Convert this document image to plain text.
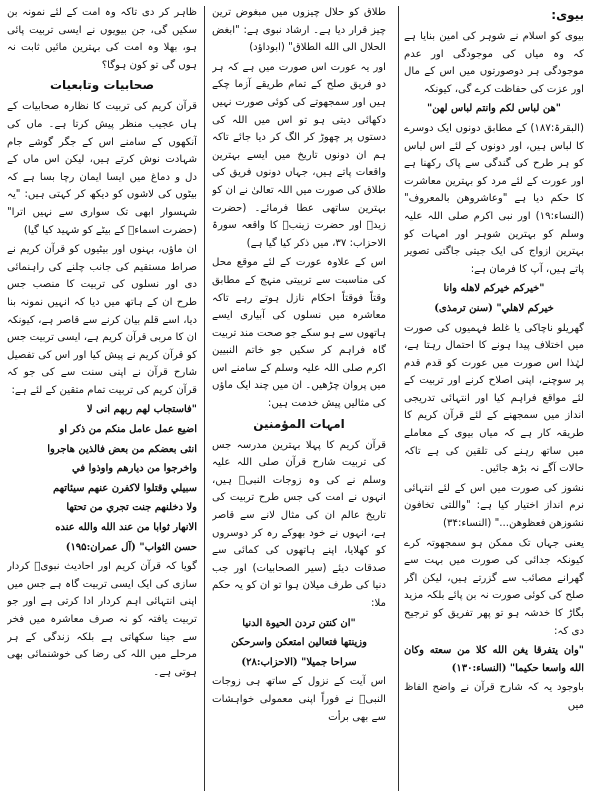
بیوی:
بیوی کو اسلام نے شوہر کی امین بنایا ہے کہ وہ میاں کی موجودگی اور عدم موجودگی ہر دوصورتوں میں اس کے مال اور عزت کی حفاظت کرے گی، کیونکہ
"هن لباس لكم وانتم لباس لهن"
(البقرۃ:۱۸۷) کے مطابق دونوں ایک دوسرے کا لباس ہیں، اور دونوں کے لئے اس لباس کو ہر طرح کی گندگی سے پاک رکھنا ہے اور عورت کے لئے مرد کو بہترین معاشرت کا حکم دیا ہے "وعاشروهن بالمعروف" (النساء:۱۹) اور نبی اکرم صلی اللہ علیہ وسلم کو بہترین شوہر اور امہات کو بہترین ازواج کی ایک جیتی جاگتی تصویر پاتے ہیں، آپ کا فرمان ہے:
"خيركم خيركم لاهله وانا
خيركم لاهلي" (سنن ترمذی)
گھریلو ناچاکی یا غلط فہمیوں کی صورت میں اختلاف پیدا ہونے کا احتمال رہتا ہے، لہٰذا اس صورت میں عورت کو قدم قدم پر سوچنے، اپنی اصلاح کرنے اور تربیت کے لئے مواقع فراہم کیا اور انتہائی تدریجی انداز میں سمجھنے کے لئے قرآن کریم کا طریقہ کار ہے کہ میاں بیوی کے معاملے میں ساتھ رہنے کی تلقین کی ہے تاکہ حالات آگے نہ بڑھ جائیں۔
نشوز کی صورت میں اس کے لئے انتہائی نرم انداز اختیار کیا ہے: "واللتى تخافون نشوزهن فعظوهن..." (النساء:۳۴)
یعنی جہاں تک ممکن ہو سمجھوتہ کرے کیونکہ جدائی کی صورت میں بہت سے گھرانے مصائب سے گزرتے ہیں، لیکن اگر صلح کی کوئی صورت نہ بن پائے بلکہ مزید بگاڑ کا خدشہ ہو تو پھر تفریق کو ترجیح دی کہ:
"وان يتفرقا يغن الله كلا من سعته وكان الله واسعا حكيما" (النساء:۱۳۰)
باوجود یہ کہ شارح قرآن نے واضح الفاظ میں
طلاق کو حلال چیزوں میں مبغوض ترین چیز قرار دیا ہے۔ ارشاد نبوی ہے: "ابغض الحلال الى الله الطلاق" (ابوداؤد)
اور یہ عورت اس صورت میں ہے کہ ہر دو فریق صلح کے تمام طریقے آزما چکے ہیں اور سمجھوتے کی کوئی صورت نہیں دکھائی دیتی ہو تو اس میں اللہ کی دستوں پر چھوڑ کر الگ کر دیا جائے تاکہ ہم ان دونوں تاریخ میں ایسے بہترین واقعات پاتے ہیں، جہاں دونوں فریق کی طلاق کی صورت میں اللہ تعالیٰ نے ان کو بہترین ساتھی عطا فرمائے۔ (حضرت زیدؓ اور حضرت زینبؓ کا واقعہ سورۃ الاحزاب: ۳۷، میں ذکر کیا گیا ہے)
اس کے علاوہ عورت کے لئے موقع محل کی مناسبت سے تربیتی منہج کے مطابق وقتاً فوقتاً احکام نازل ہوتے رہے تاکہ معاشرہ میں نسلوں کی آبیاری ایسے ہاتھوں سے ہو سکے جو صحت مند تربیت گاہ فراہم کر سکیں جو خاتم النبیین اکرم صلی اللہ علیہ وسلم کے سامنے اس میں پروان چڑھیں۔ ان میں چند ایک ماؤں کی مثالیں پیش خدمت ہیں:
امہات المؤمنین
قرآن کریم کا پہلا بہترین مدرسہ جس کی تربیت شارح قرآن صلی اللہ علیہ وسلم نے کی وہ زوجات النبیؐ ہیں، انہوں نے امت کی جس طرح تربیت کی تاریخ عالم ان کی مثال لانے سے قاصر ہے، انہوں نے خود بھوکے رہ کر دوسروں کو کھلایا، اپنے ہاتھوں کی کمائی سے صدقات دیئے (سیر الصحابیات) اور جب دنیا کی طرف میلان ہوا تو ان کو یہ حکم ملا:
"ان كنتن تردن الحيوة الدنيا
وزينتها فتعالين امتعكن واسرحكن
سراحا جميلا" (الاحزاب:۲۸)
اس آیت کے نزول کے ساتھ ہی زوجات النبیؐ نے فوراً اپنی معمولی خواہشات سے بھی برأت
ظاہر کر دی تاکہ وہ امت کے لئے نمونہ بن سکیں گی، جن بیویوں نے ایسی تربیت پائی ہو، بھلا وہ امت کی بہترین مائیں ثابت نہ ہوں گی تو کون ہوگا؟
صحابیات وتابعیات
قرآن کریم کی تربیت کا نظارہ صحابیات کے ہاں عجیب منظر پیش کرتا ہے۔ ماں کی آنکھوں کے سامنے اس کے جگر گوشے جام شہادت نوش کرتے ہیں، لیکن اس ماں کے دل و دماغ میں ایسا ایمان رچا بسا ہے کہ بیٹوں کی لاشوں کو دیکھ کر کہتی ہیں: "یہ شہسوار ابھی تک سواری سے نہیں اترا" (حضرت اسماءؓ کے بیٹے کو شہید کیا گیا)
ان ماؤں، بہنوں اور بیٹیوں کو قرآن کریم نے صراط مستقیم کی جانب چلنے کی راہنمائی دی اور نسلوں کی تربیت کا منصب جس طرح ان کے ہاتھ میں دیا کہ انہیں نمونہ بنا دیا، اسے قلم بیان کرنے سے قاصر ہے، کیونکہ ان کا مربی قرآن کریم ہے، ایسی تربیت جس کو قرآن کریم نے پیش کیا اور اس کی تفصیل شارح قرآن نے اپنی سنت سے کی جو کہ قرآن کریم کی تربیت تمام متقین کے لئے ہے:
"فاستجاب لهم ربهم انى لا
اضيع عمل عامل منكم من ذكر او
انثى بعضكم من بعض فالذين هاجروا
واخرجوا من ديارهم واوذوا في
سبيلي وقتلوا لاكفرن عنهم سيئاتهم
ولا دخلنهم جنت تجري من تحتها
الانهار ثوابا من عند الله والله عنده
حسن الثواب" (آل عمران:۱۹۵)
گویا کہ قرآن کریم اور احادیث نبویؐ کردار سازی کی ایک ایسی تربیت گاہ ہے جس میں اپنی انتہائی اہم کردار ادا کرتی ہے اور جو تربیت یافتہ کو نہ صرف معاشرہ میں فخر سے جینا سکھاتی ہے بلکہ زندگی کے ہر مرحلے میں اللہ کی رضا کی خوشنمائی بھی ہوتی ہے۔
